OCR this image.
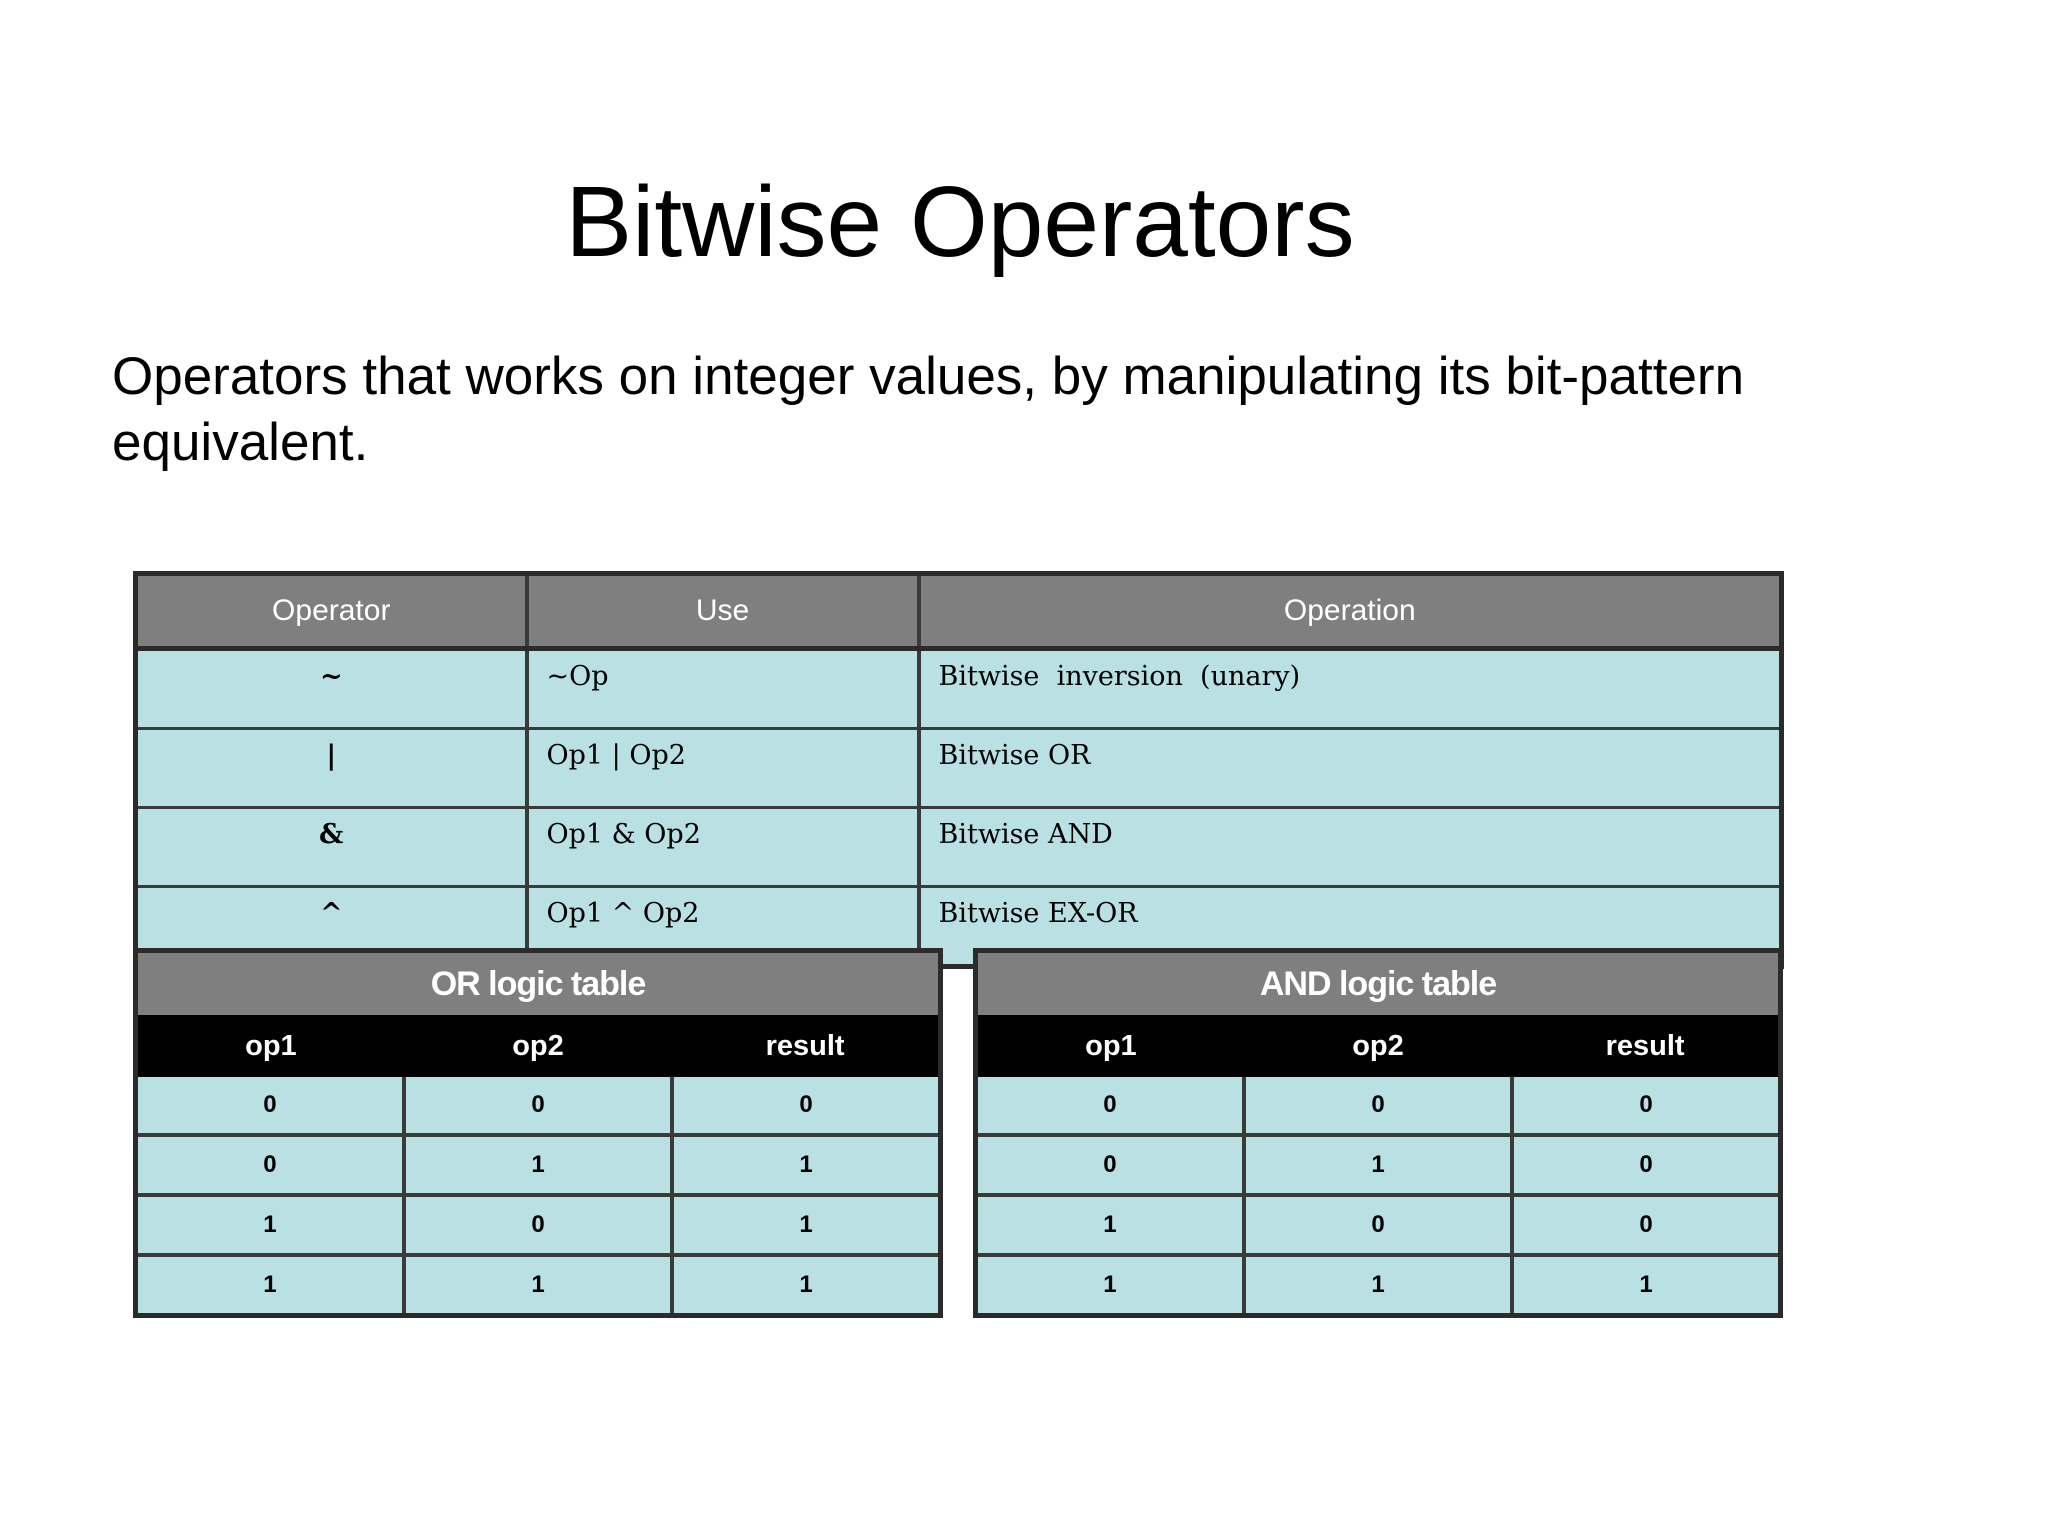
Bitwise Operators

Operators that works on integer values, by manipulating its bit-pattern equivalent.

Operator	Use	Operation
~	~Op	Bitwise  inversion  (unary)
|	Op1 | Op2	Bitwise OR
&	Op1 & Op2	Bitwise AND
^	Op1 ^ Op2	Bitwise EX-OR
OR logic table		
op1	op2	result
0	0	0
0	1	1
1	0	1
1	1	1
AND logic table		
op1	op2	result
0	0	0
0	1	0
1	0	0
1	1	1
